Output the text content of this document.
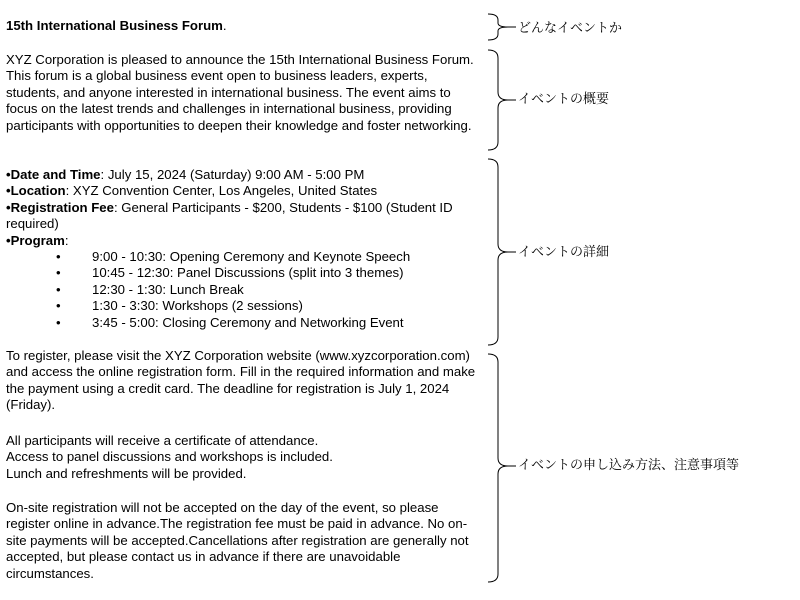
15th International Business Forum.

XYZ Corporation is pleased to announce the 15th International Business Forum. This forum is a global business event open to business leaders, experts, students, and anyone interested in international business. The event aims to focus on the latest trends and challenges in international business, providing participants with opportunities to deepen their knowledge and foster networking.

•Date and Time: July 15, 2024 (Saturday) 9:00 AM - 5:00 PM

•Location: XYZ Convention Center, Los Angeles, United States

•Registration Fee: General Participants - $200, Students - $100 (Student ID required)

•Program:

• 9:00 - 10:30: Opening Ceremony and Keynote Speech
• 10:45 - 12:30: Panel Discussions (split into 3 themes)
• 12:30 - 1:30: Lunch Break
• 1:30 - 3:30: Workshops (2 sessions)
• 3:45 - 5:00: Closing Ceremony and Networking Event

To register, please visit the XYZ Corporation website (www.xyzcorporation.com) and access the online registration form. Fill in the required information and make the payment using a credit card. The deadline for registration is July 1, 2024 (Friday).

All participants will receive a certificate of attendance.

Access to panel discussions and workshops is included.

Lunch and refreshments will be provided.

On-site registration will not be accepted on the day of the event, so please register online in advance.The registration fee must be paid in advance. No on-site payments will be accepted.Cancellations after registration are generally not accepted, but please contact us in advance if there are unavoidable circumstances.

どんなイベントか
イベントの概要
イベントの詳細
イベントの申し込み方法、注意事項等
